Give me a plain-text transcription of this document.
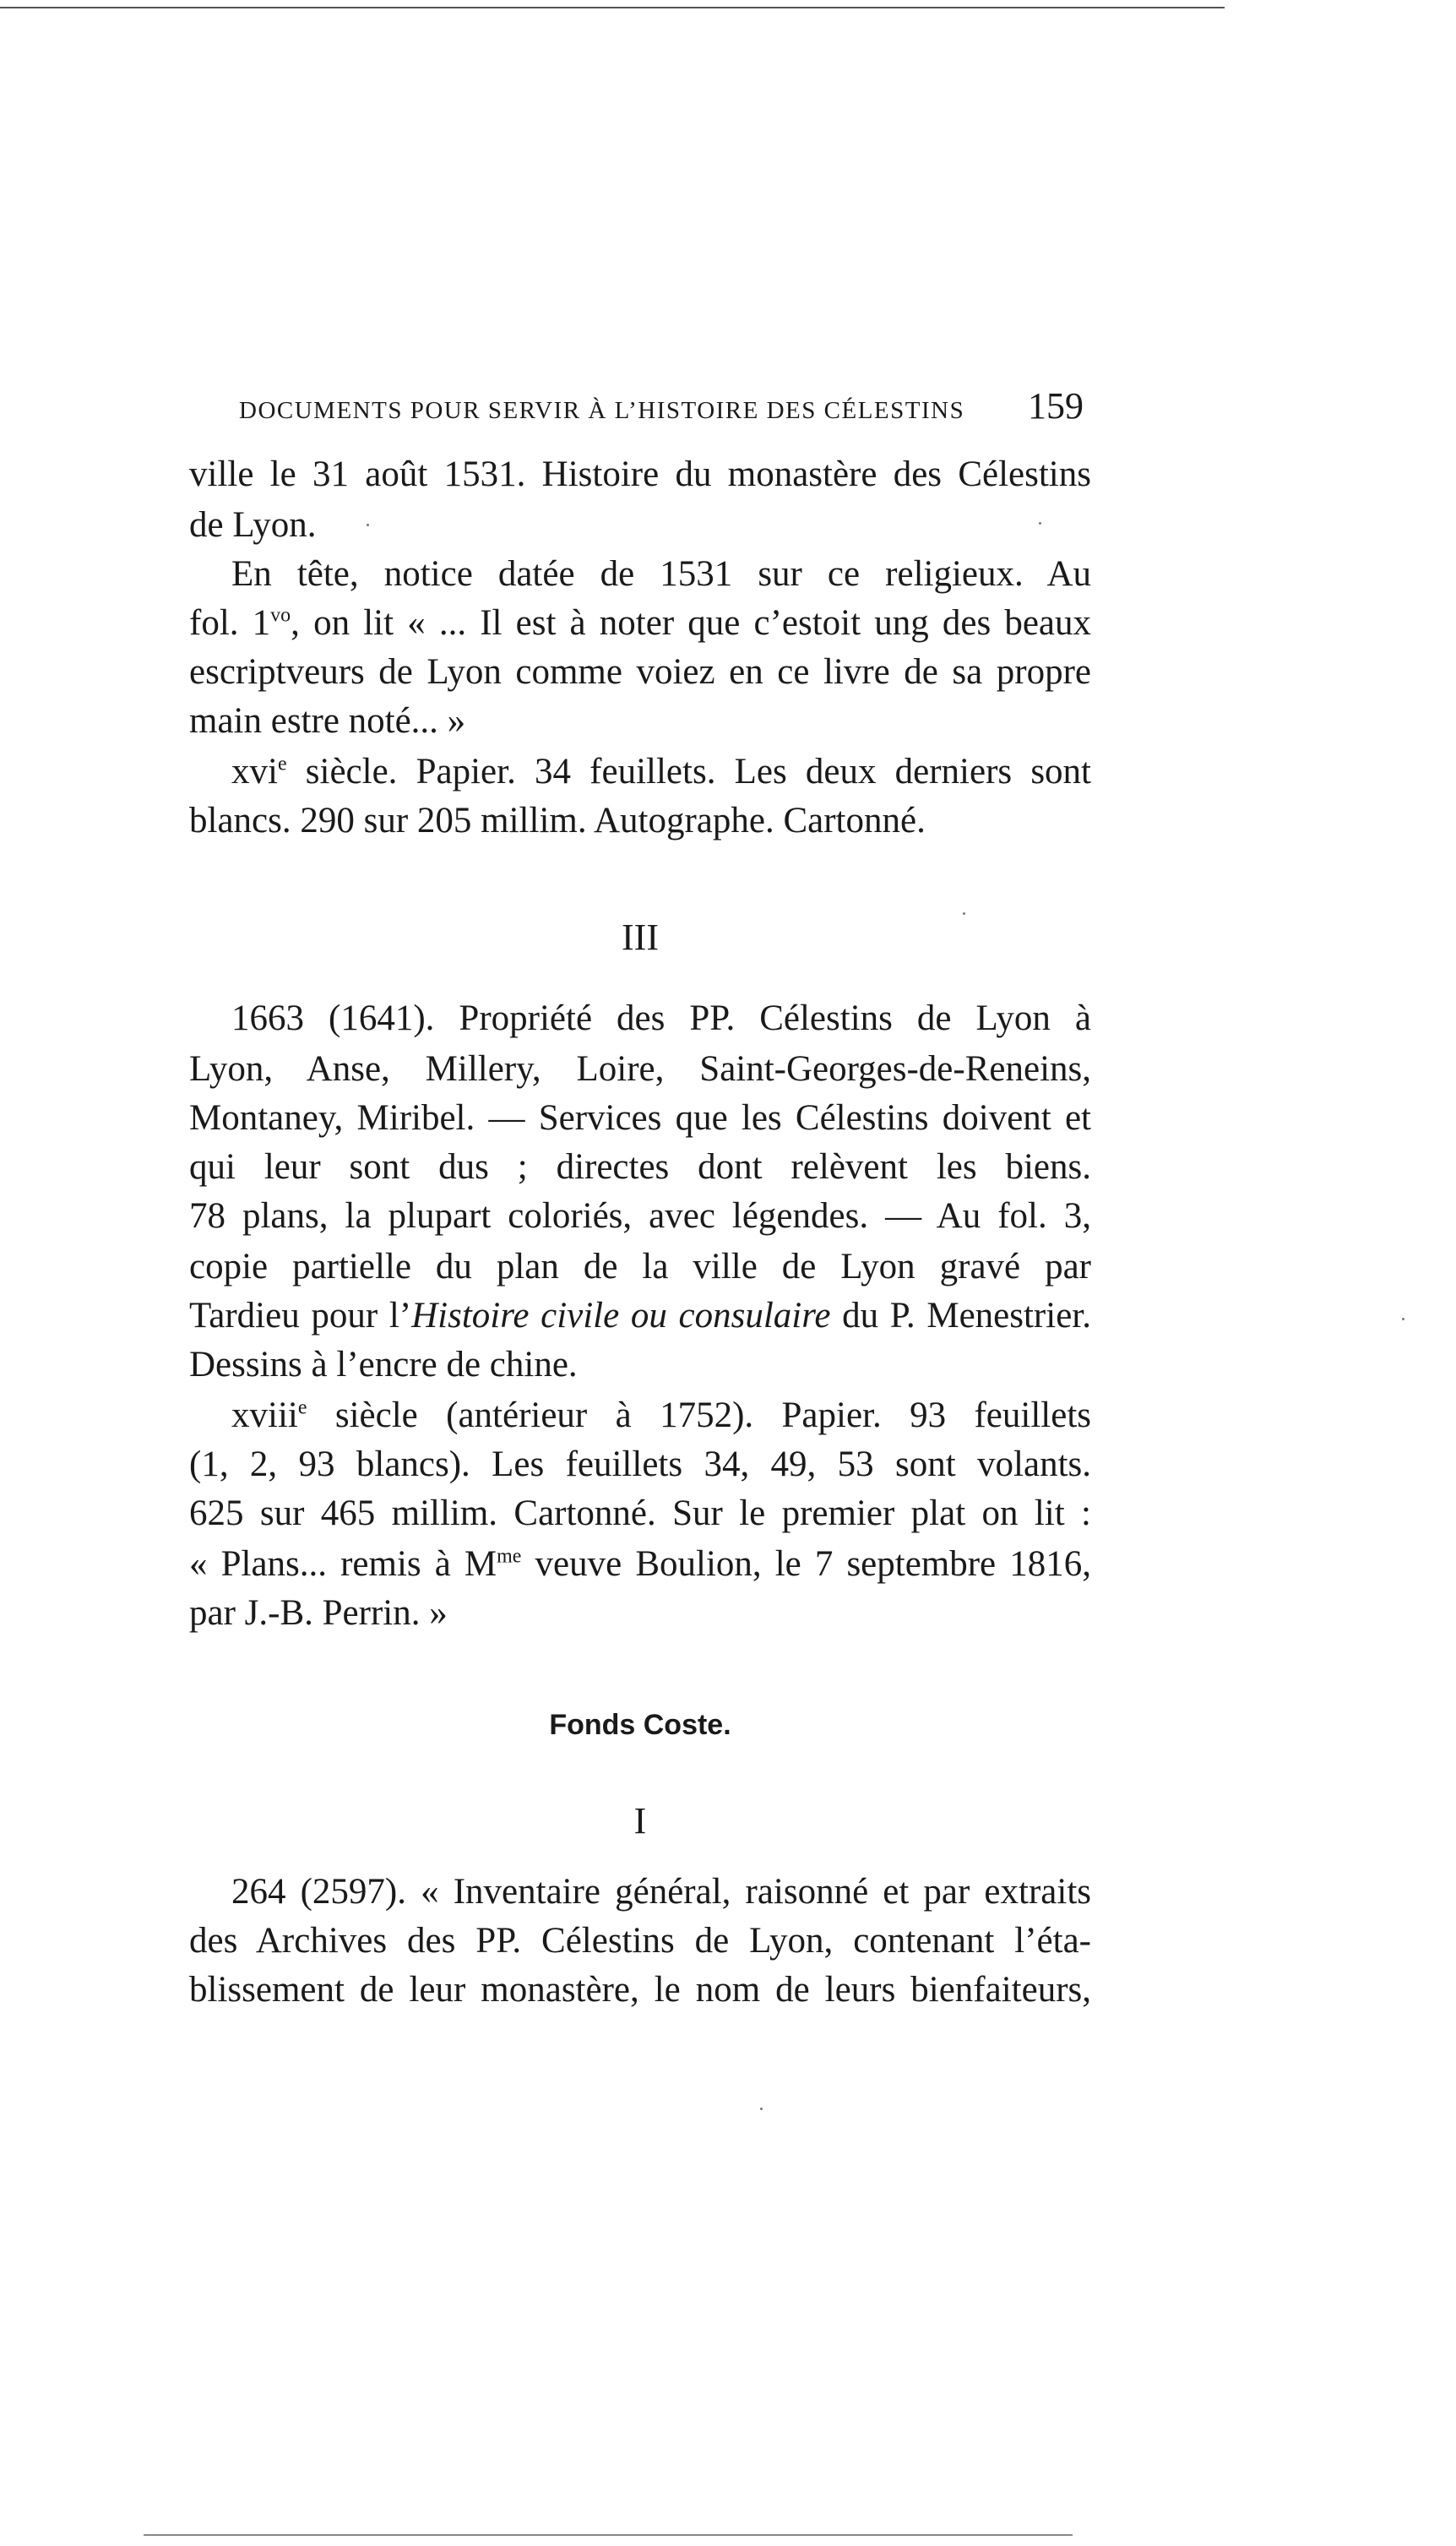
DOCUMENTS POUR SERVIR À L’HISTOIRE DES CÉLESTINS 159
ville le 31 août 1531. Histoire du monastère des Célestins
de Lyon.
En tête, notice datée de 1531 sur ce religieux. Au
fol. $1^{vo}$, on lit « ... Il est à noter que c’estoit ung des beaux
escriptveurs de Lyon comme voiez en ce livre de sa propre
main estre noté... »
xvi$^e$ siècle. Papier. 34 feuillets. Les deux derniers sont
blancs. 290 sur 205 millim. Autographe. Cartonné.
III
1663 (1641). Propriété des PP. Célestins de Lyon à
Lyon, Anse, Millery, Loire, Saint-Georges-de-Reneins,
Montaney, Miribel. — Services que les Célestins doivent et
qui leur sont dus ; directes dont relèvent les biens.
78 plans, la plupart coloriés, avec légendes. — Au fol. 3,
copie partielle du plan de la ville de Lyon gravé par
Tardieu pour l’Histoire civile ou consulaire du P. Menestrier.
Dessins à l’encre de chine.
xviii$^e$ siècle (antérieur à 1752). Papier. 93 feuillets
(1, 2, 93 blancs). Les feuillets 34, 49, 53 sont volants.
625 sur 465 millim. Cartonné. Sur le premier plat on lit :
« Plans... remis à $M^{me}$ veuve Boulion, le 7 septembre 1816,
par J.-B. Perrin. »
Fonds Coste.
I
264 (2597). « Inventaire général, raisonné et par extraits
des Archives des PP. Célestins de Lyon, contenant l’éta-
blissement de leur monastère, le nom de leurs bienfaiteurs,
